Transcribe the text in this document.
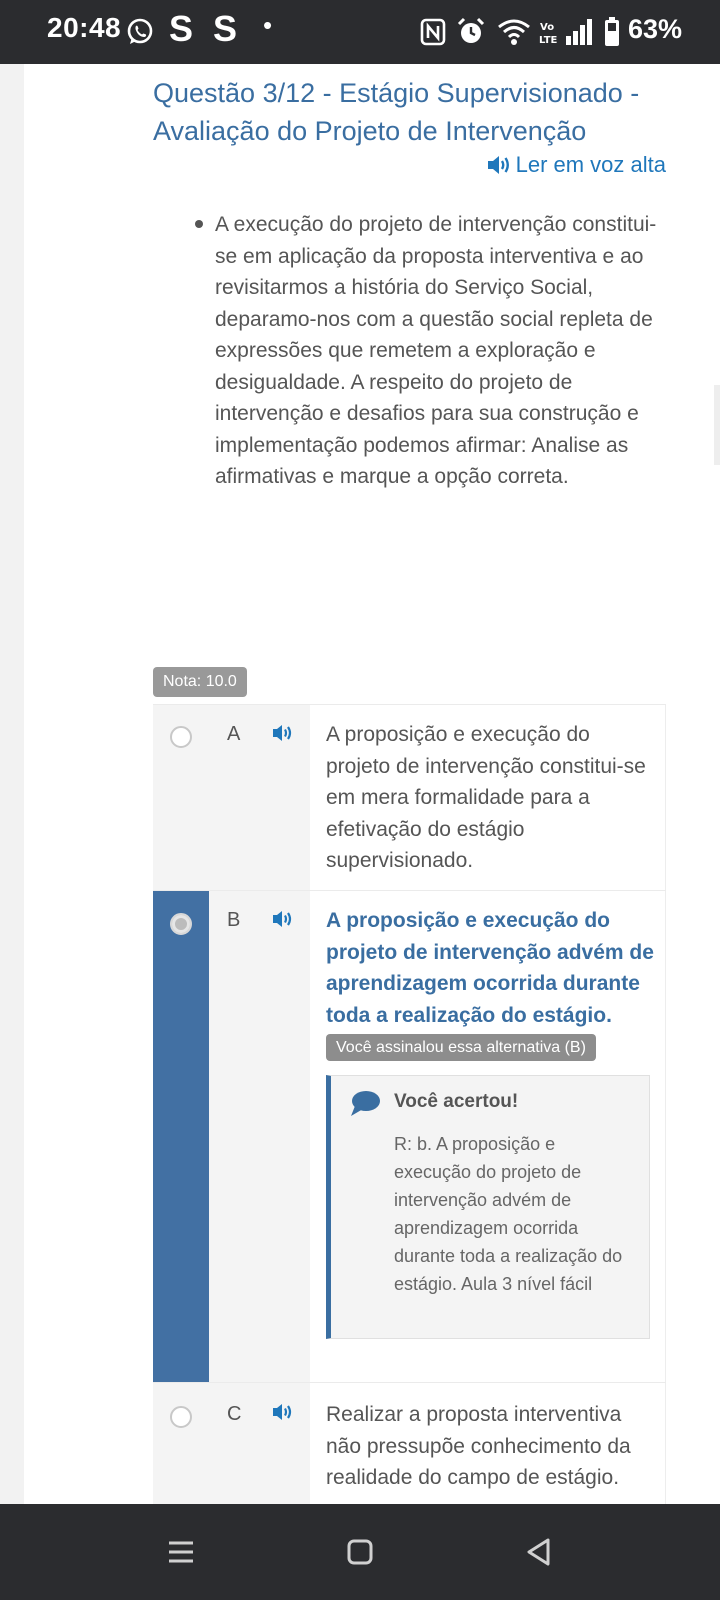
20:48 S S •	Vo
LTE	63%
Questão 3/12 - Estágio Supervisionado - Avaliação do Projeto de Intervenção
Ler em voz alta
A execução do projeto de intervenção constitui-se em aplicação da proposta interventiva e ao revisitarmos a história do Serviço Social, deparamo-nos com a questão social repleta de expressões que remetem a exploração e desigualdade. A respeito do projeto de intervenção e desafios para sua construção e implementação podemos afirmar: Analise as afirmativas e marque a opção correta.
Nota: 10.0
A	A proposição e execução do projeto de intervenção constitui-se em mera formalidade para a efetivação do estágio supervisionado.
B	A proposição e execução do projeto de intervenção advém de aprendizagem ocorrida durante toda a realização do estágio.
Você assinalou essa alternativa (B)
Você acertou!
R: b. A proposição e execução do projeto de intervenção advém de aprendizagem ocorrida durante toda a realização do estágio. Aula 3 nível fácil
C	Realizar a proposta interventiva não pressupõe conhecimento da realidade do campo de estágio.
